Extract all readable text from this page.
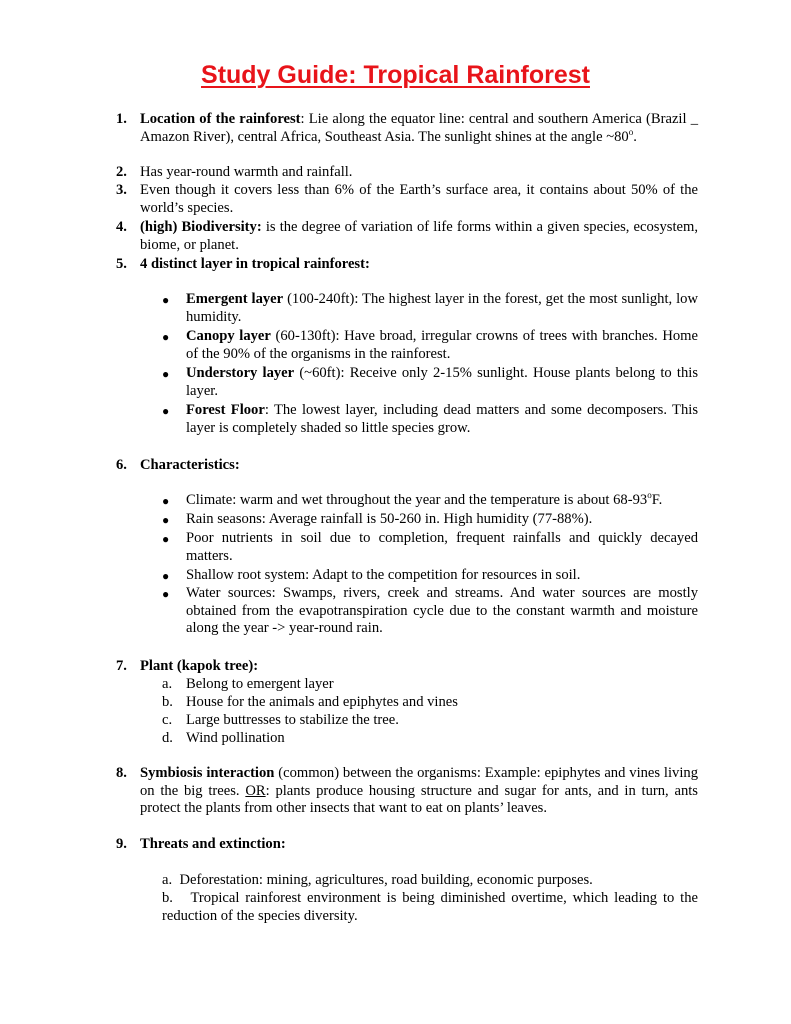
Study Guide: Tropical Rainforest
1. Location of the rainforest: Lie along the equator line: central and southern America (Brazil _ Amazon River), central Africa, Southeast Asia. The sunlight shines at the angle ~80$^o$.
2. Has year-round warmth and rainfall.
3. Even though it covers less than 6% of the Earth’s surface area, it contains about 50% of the world’s species.
4. (high) Biodiversity: is the degree of variation of life forms within a given species, ecosystem, biome, or planet.
5. 4 distinct layer in tropical rainforest:
● Emergent layer (100-240ft): The highest layer in the forest, get the most sunlight, low humidity.
● Canopy layer (60-130ft): Have broad, irregular crowns of trees with branches. Home of the 90% of the organisms in the rainforest.
● Understory layer (~60ft): Receive only 2-15% sunlight. House plants belong to this layer.
● Forest Floor: The lowest layer, including dead matters and some decomposers. This layer is completely shaded so little species grow.
6. Characteristics:
● Climate: warm and wet throughout the year and the temperature is about 68-93$^o$F.
● Rain seasons: Average rainfall is 50-260 in. High humidity (77-88%).
● Poor nutrients in soil due to completion, frequent rainfalls and quickly decayed matters.
● Shallow root system: Adapt to the competition for resources in soil.
● Water sources: Swamps, rivers, creek and streams. And water sources are mostly obtained from the evapotranspiration cycle due to the constant warmth and moisture along the year -> year-round rain.
7. Plant (kapok tree):
a. Belong to emergent layer
b. House for the animals and epiphytes and vines
c. Large buttresses to stabilize the tree.
d. Wind pollination
8. Symbiosis interaction (common) between the organisms: Example: epiphytes and vines living on the big trees. OR: plants produce housing structure and sugar for ants, and in turn, ants protect the plants from other insects that want to eat on plants’ leaves.
9. Threats and extinction:
a. Deforestation: mining, agricultures, road building, economic purposes.
b. Tropical rainforest environment is being diminished overtime, which leading to the reduction of the species diversity.
